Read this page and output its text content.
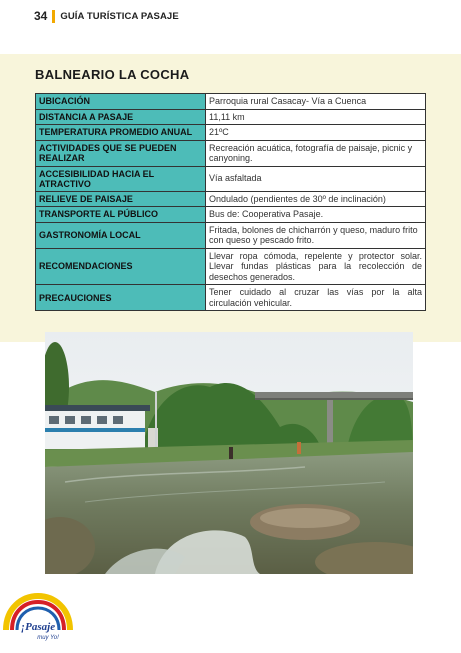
34 GUÍA TURÍSTICA PASAJE
BALNEARIO LA COCHA
UBICACIÓN	Parroquia rural Casacay- Vía a Cuenca
DISTANCIA A PASAJE	11,11 km
TEMPERATURA PROMEDIO ANUAL	21ºC
ACTIVIDADES QUE SE PUEDEN REALIZAR	Recreación acuática, fotografía de paisaje, picnic y canyoning.
ACCESIBILIDAD HACIA EL ATRACTIVO	Vía asfaltada
RELIEVE DE PAISAJE	Ondulado (pendientes de 30º de inclinación)
TRANSPORTE AL PÚBLICO	Bus de: Cooperativa Pasaje.
GASTRONOMÍA LOCAL	Fritada, bolones de chicharrón y queso, maduro frito con queso y pescado frito.
RECOMENDACIONES	Llevar ropa cómoda, repelente y protector solar. Llevar fundas plásticas para la recolección de desechos generados.
PRECAUCIONES	Tener cuidado al cruzar las vías por la alta circulación vehicular.
¡Pasaje
muy Yo!
